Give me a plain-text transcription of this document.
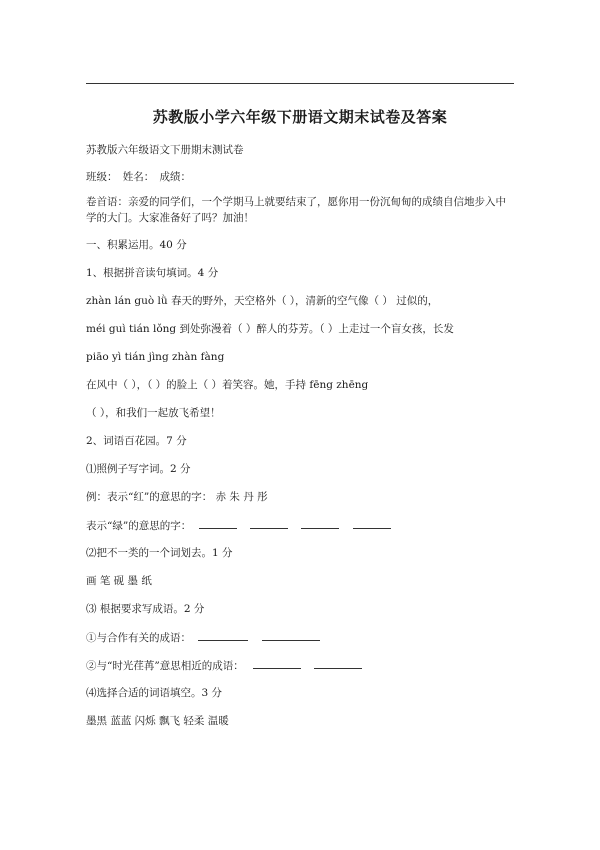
苏教版小学六年级下册语文期末试卷及答案
苏教版六年级语文下册期末测试卷
班级：　姓名：　成绩：
卷首语：亲爱的同学们，一个学期马上就要结束了，愿你用一份沉甸甸的成绩自信地步入中学的大门。大家准备好了吗？加油！
一、积累运用。40 分
1、根据拼音读句填词。4 分
zhàn lán guò lǜ 春天的野外，天空格外（ ），清新的空气像（ ） 过似的，
méi guì tián lǒng 到处弥漫着（ ）醉人的芬芳。（ ）上走过一个盲女孩，长发
piāo yì tián jìng zhàn fàng
在风中（ ），（ ）的脸上（ ）着笑容。她，手持 fēng zhēng
（ ），和我们一起放飞希望！
2、词语百花园。7 分
⑴照例子写字词。2 分
例：表示“红”的意思的字： 赤 朱 丹 彤
表示“绿”的意思的字：
⑵把不一类的一个词划去。1 分
画 笔 砚 墨 纸
⑶ 根据要求写成语。2 分
①与合作有关的成语：
②与“时光荏苒”意思相近的成语：
⑷选择合适的词语填空。3 分
墨黑 蓝蓝 闪烁 飘飞 轻柔 温暖
